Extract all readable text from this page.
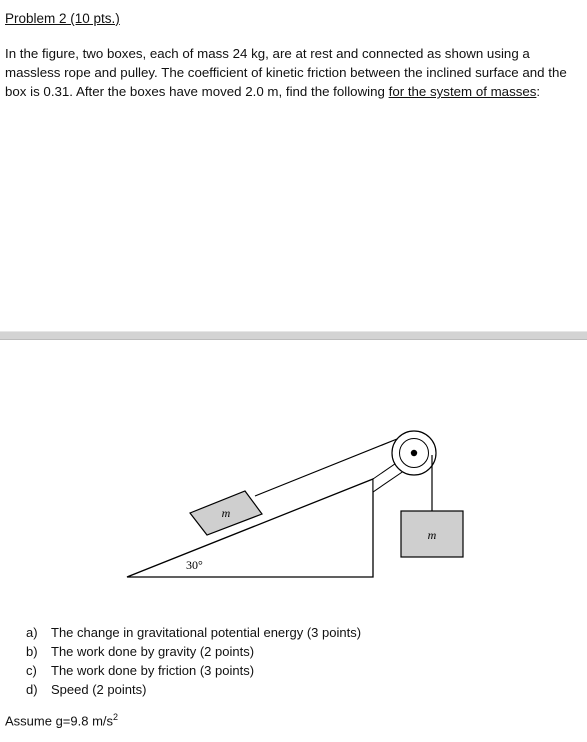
Problem 2 (10 pts.)
In the figure, two boxes, each of mass 24 kg, are at rest and connected as shown using a massless rope and pulley. The coefficient of kinetic friction between the inclined surface and the box is 0.31. After the boxes have moved 2.0 m, find the following for the system of masses:
m
m
30°
a)	The change in gravitational potential energy (3 points)
b)	The work done by gravity (2 points)
c)	The work done by friction (3 points)
d)	Speed (2 points)
Assume g=9.8 $m/s^2$
